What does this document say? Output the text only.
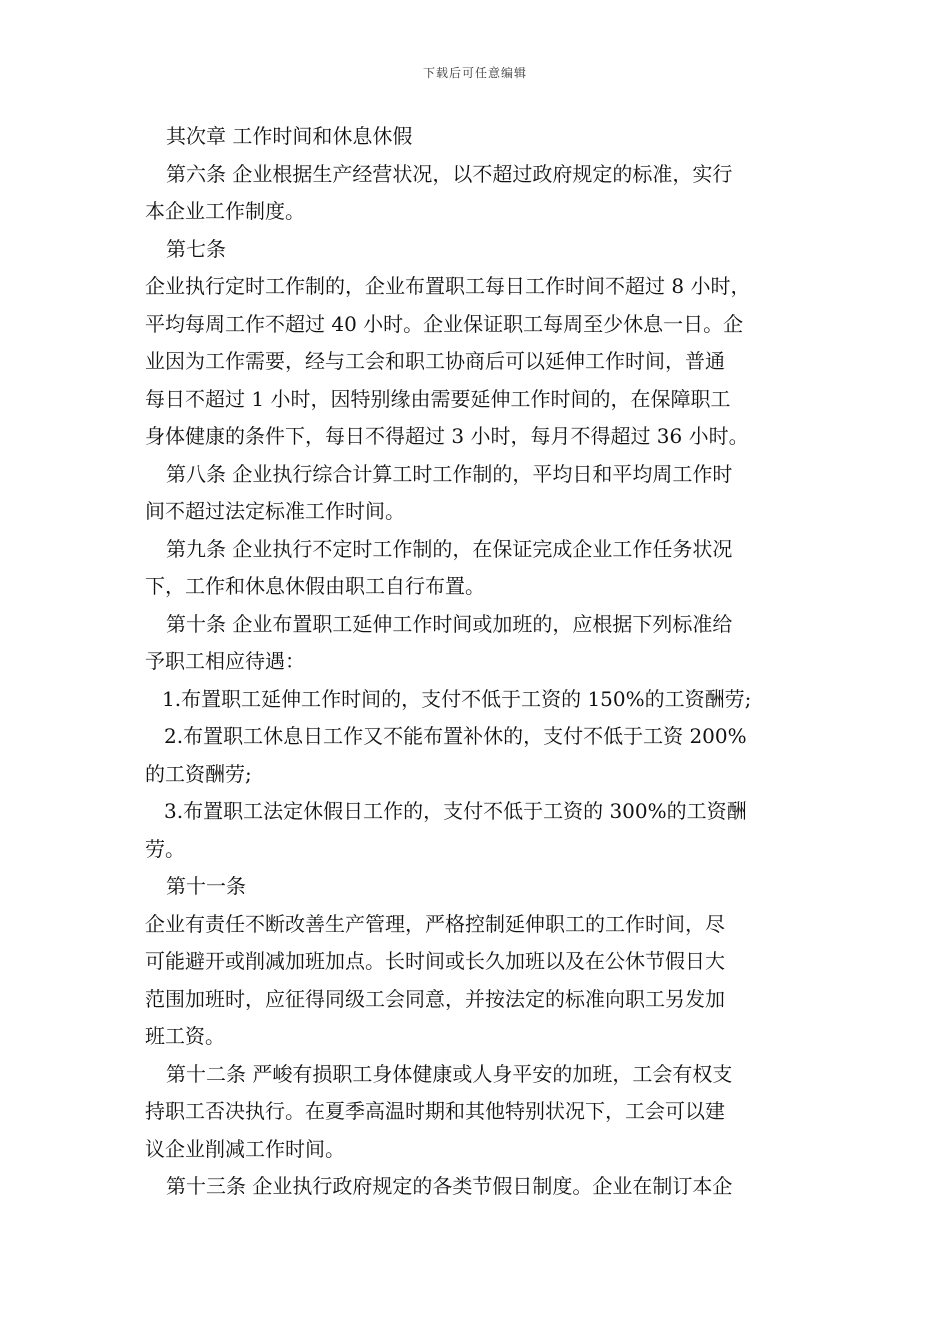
下载后可任意编辑

其次章 工作时间和休息休假

第六条 企业根据生产经营状况，以不超过政府规定的标准，实行

本企业工作制度。

第七条

企业执行定时工作制的，企业布置职工每日工作时间不超过 8 小时，

平均每周工作不超过 40 小时。企业保证职工每周至少休息一日。企

业因为工作需要，经与工会和职工协商后可以延伸工作时间，普通

每日不超过 1 小时，因特别缘由需要延伸工作时间的，在保障职工

身体健康的条件下，每日不得超过 3 小时，每月不得超过 36 小时。

第八条 企业执行综合计算工时工作制的，平均日和平均周工作时

间不超过法定标准工作时间。

第九条 企业执行不定时工作制的，在保证完成企业工作任务状况

下，工作和休息休假由职工自行布置。

第十条 企业布置职工延伸工作时间或加班的，应根据下列标准给

予职工相应待遇：

1.布置职工延伸工作时间的，支付不低于工资的 150%的工资酬劳;

2.布置职工休息日工作又不能布置补休的，支付不低于工资 200%

的工资酬劳;

3.布置职工法定休假日工作的，支付不低于工资的 300%的工资酬

劳。

第十一条

企业有责任不断改善生产管理，严格控制延伸职工的工作时间，尽

可能避开或削减加班加点。长时间或长久加班以及在公休节假日大

范围加班时，应征得同级工会同意，并按法定的标准向职工另发加

班工资。

第十二条 严峻有损职工身体健康或人身平安的加班，工会有权支

持职工否决执行。在夏季高温时期和其他特别状况下，工会可以建

议企业削减工作时间。

第十三条 企业执行政府规定的各类节假日制度。企业在制订本企
